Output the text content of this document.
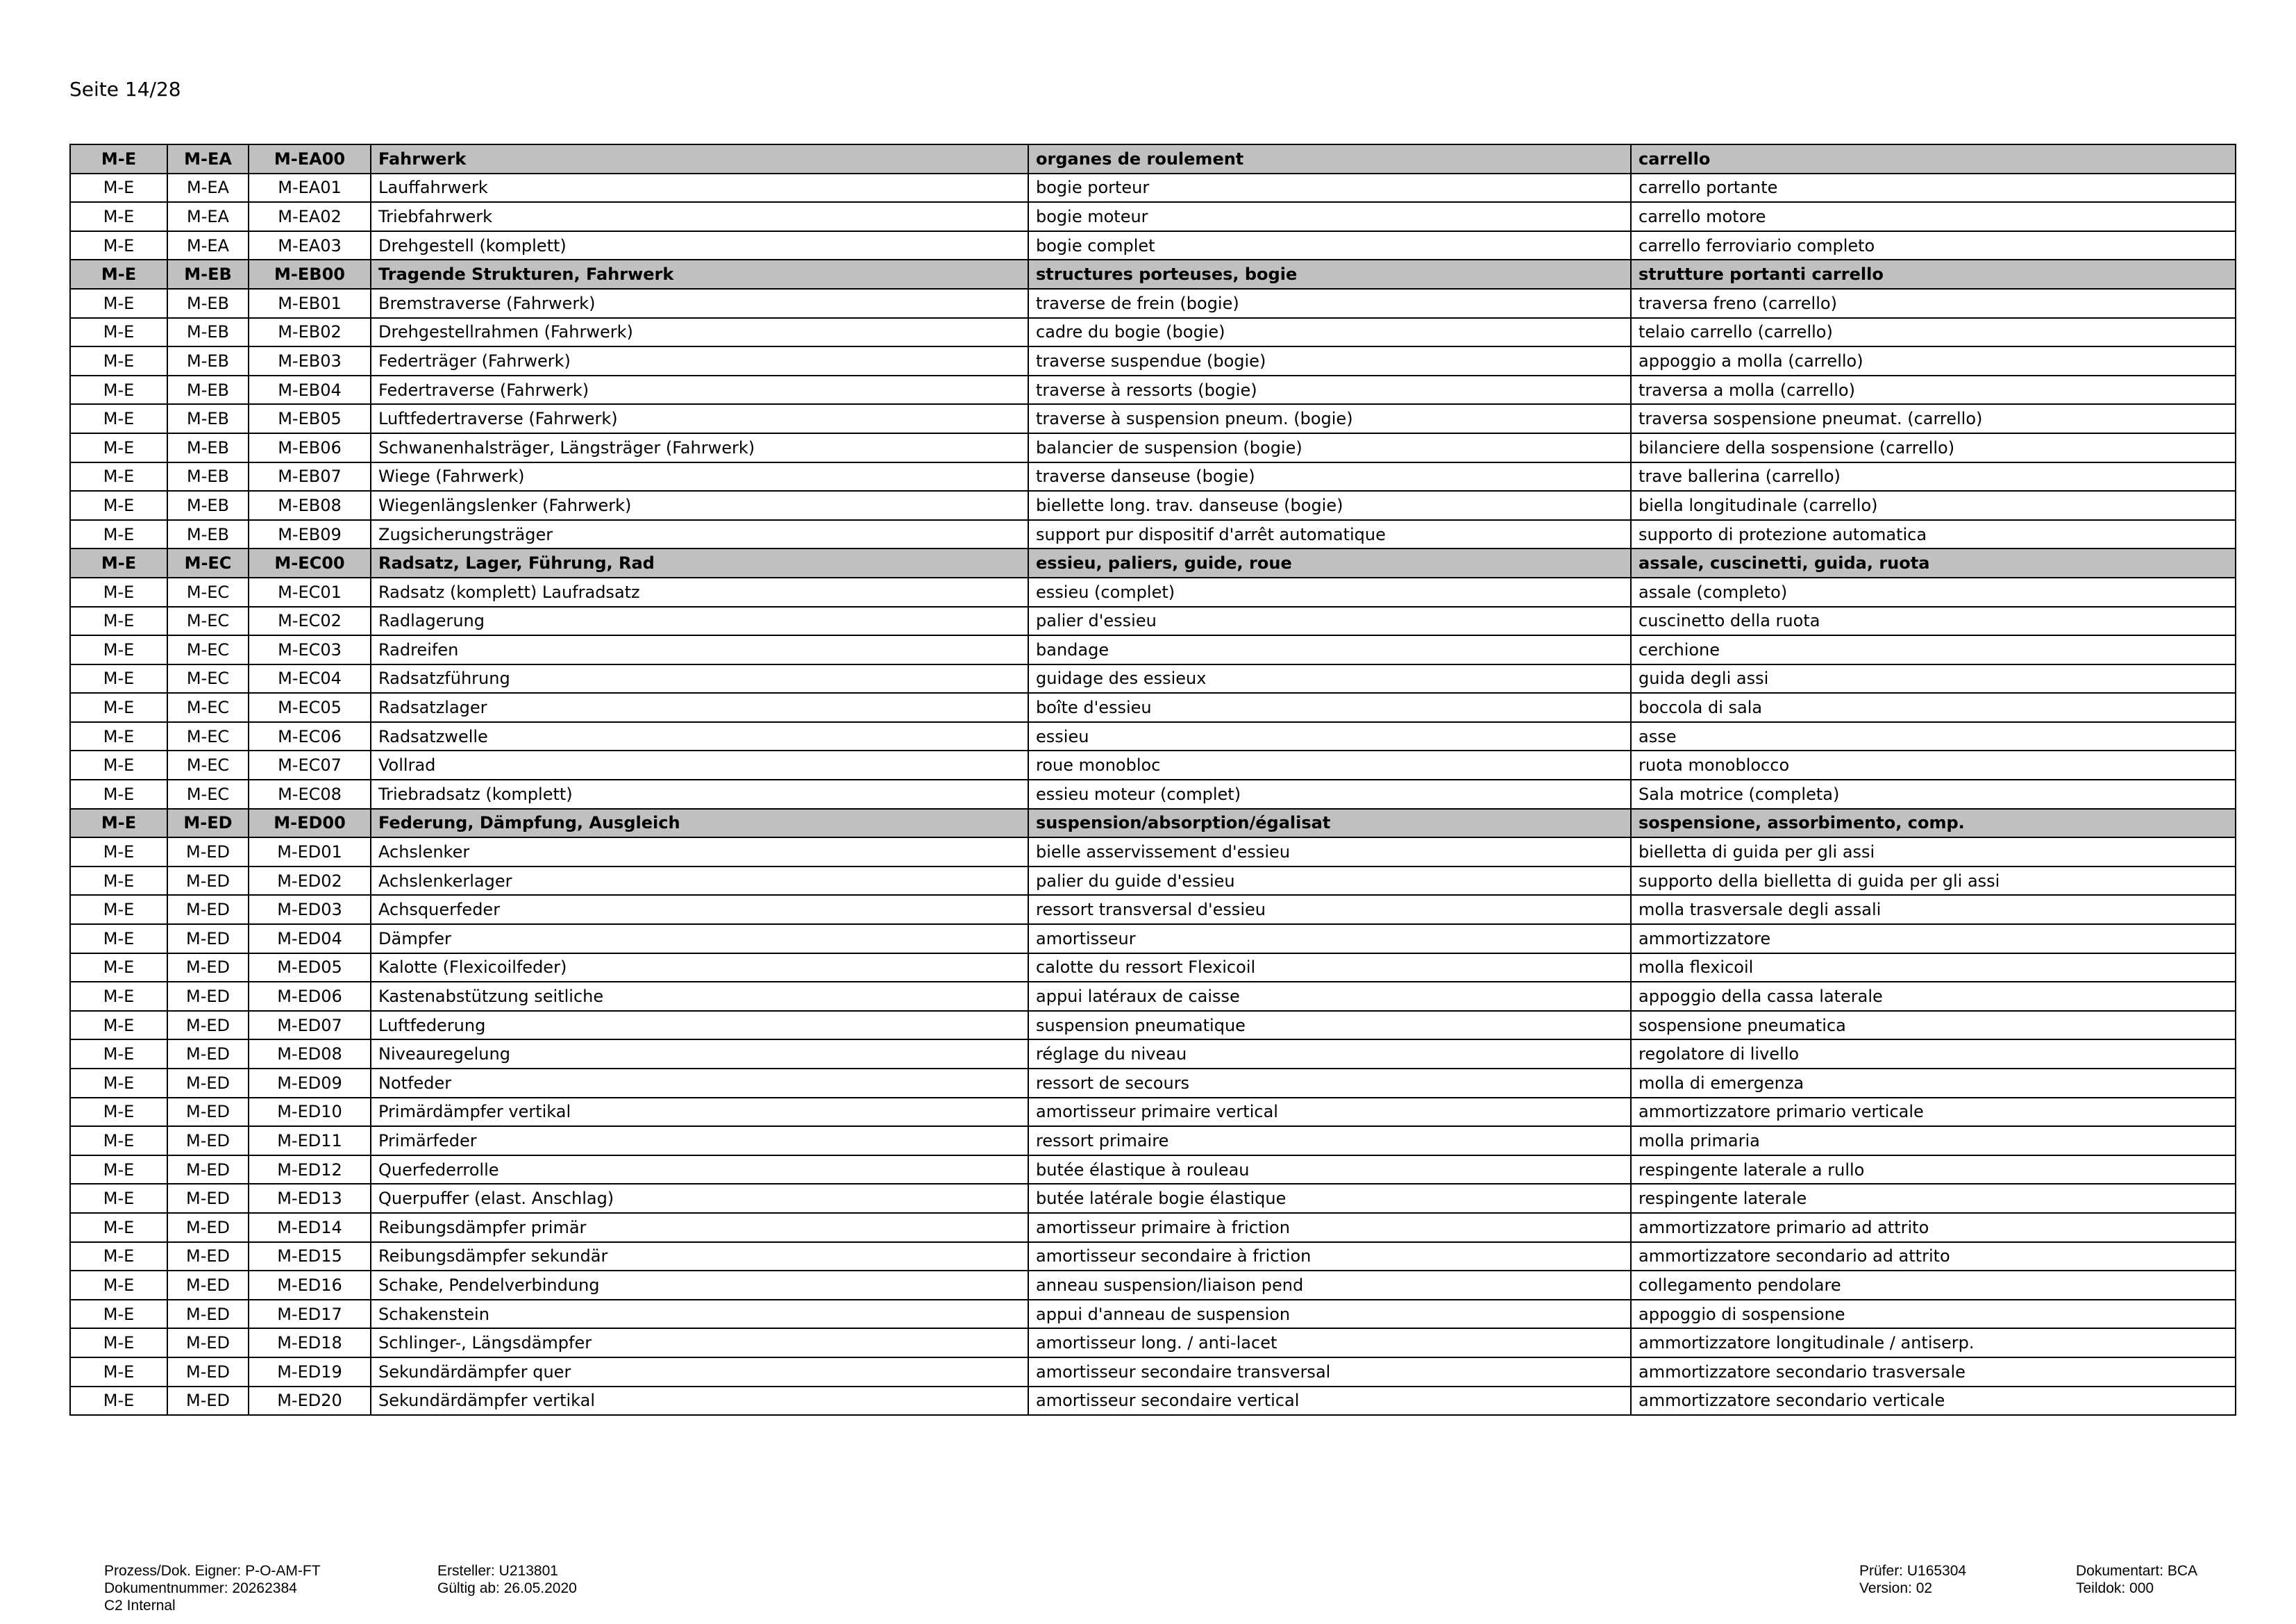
Seite 14/28
M-E	M-EA	M-EA00	Fahrwerk	organes de roulement	carrello
M-E	M-EA	M-EA01	Lauffahrwerk	bogie porteur	carrello portante
M-E	M-EA	M-EA02	Triebfahrwerk	bogie moteur	carrello motore
M-E	M-EA	M-EA03	Drehgestell (komplett)	bogie complet	carrello ferroviario completo
M-E	M-EB	M-EB00	Tragende Strukturen, Fahrwerk	structures porteuses, bogie	strutture portanti carrello
M-E	M-EB	M-EB01	Bremstraverse (Fahrwerk)	traverse de frein (bogie)	traversa freno (carrello)
M-E	M-EB	M-EB02	Drehgestellrahmen (Fahrwerk)	cadre du bogie (bogie)	telaio carrello (carrello)
M-E	M-EB	M-EB03	Federträger (Fahrwerk)	traverse suspendue (bogie)	appoggio a molla (carrello)
M-E	M-EB	M-EB04	Federtraverse (Fahrwerk)	traverse à ressorts (bogie)	traversa a molla (carrello)
M-E	M-EB	M-EB05	Luftfedertraverse (Fahrwerk)	traverse à suspension pneum. (bogie)	traversa sospensione pneumat. (carrello)
M-E	M-EB	M-EB06	Schwanenhalsträger, Längsträger (Fahrwerk)	balancier de suspension (bogie)	bilanciere della sospensione (carrello)
M-E	M-EB	M-EB07	Wiege (Fahrwerk)	traverse danseuse (bogie)	trave ballerina (carrello)
M-E	M-EB	M-EB08	Wiegenlängslenker (Fahrwerk)	biellette long. trav. danseuse (bogie)	biella longitudinale (carrello)
M-E	M-EB	M-EB09	Zugsicherungsträger	support pur dispositif d'arrêt automatique	supporto di protezione automatica
M-E	M-EC	M-EC00	Radsatz, Lager, Führung, Rad	essieu, paliers, guide, roue	assale, cuscinetti, guida, ruota
M-E	M-EC	M-EC01	Radsatz (komplett) Laufradsatz	essieu (complet)	assale (completo)
M-E	M-EC	M-EC02	Radlagerung	palier d'essieu	cuscinetto della ruota
M-E	M-EC	M-EC03	Radreifen	bandage	cerchione
M-E	M-EC	M-EC04	Radsatzführung	guidage des essieux	guida degli assi
M-E	M-EC	M-EC05	Radsatzlager	boîte d'essieu	boccola di sala
M-E	M-EC	M-EC06	Radsatzwelle	essieu	asse
M-E	M-EC	M-EC07	Vollrad	roue monobloc	ruota monoblocco
M-E	M-EC	M-EC08	Triebradsatz (komplett)	essieu moteur (complet)	Sala motrice (completa)
M-E	M-ED	M-ED00	Federung, Dämpfung, Ausgleich	suspension/absorption/égalisat	sospensione, assorbimento, comp.
M-E	M-ED	M-ED01	Achslenker	bielle asservissement d'essieu	bielletta di guida per gli assi
M-E	M-ED	M-ED02	Achslenkerlager	palier du guide d'essieu	supporto della bielletta di guida per gli assi
M-E	M-ED	M-ED03	Achsquerfeder	ressort transversal d'essieu	molla trasversale degli assali
M-E	M-ED	M-ED04	Dämpfer	amortisseur	ammortizzatore
M-E	M-ED	M-ED05	Kalotte (Flexicoilfeder)	calotte du ressort Flexicoil	molla flexicoil
M-E	M-ED	M-ED06	Kastenabstützung seitliche	appui latéraux de caisse	appoggio della cassa laterale
M-E	M-ED	M-ED07	Luftfederung	suspension pneumatique	sospensione pneumatica
M-E	M-ED	M-ED08	Niveauregelung	réglage du niveau	regolatore di livello
M-E	M-ED	M-ED09	Notfeder	ressort de secours	molla di emergenza
M-E	M-ED	M-ED10	Primärdämpfer vertikal	amortisseur primaire vertical	ammortizzatore primario verticale
M-E	M-ED	M-ED11	Primärfeder	ressort primaire	molla primaria
M-E	M-ED	M-ED12	Querfederrolle	butée élastique à rouleau	respingente laterale a rullo
M-E	M-ED	M-ED13	Querpuffer (elast. Anschlag)	butée latérale bogie élastique	respingente laterale
M-E	M-ED	M-ED14	Reibungsdämpfer primär	amortisseur primaire à friction	ammortizzatore primario ad attrito
M-E	M-ED	M-ED15	Reibungsdämpfer sekundär	amortisseur secondaire à friction	ammortizzatore secondario ad attrito
M-E	M-ED	M-ED16	Schake, Pendelverbindung	anneau suspension/liaison pend	collegamento pendolare
M-E	M-ED	M-ED17	Schakenstein	appui d'anneau de suspension	appoggio di sospensione
M-E	M-ED	M-ED18	Schlinger-, Längsdämpfer	amortisseur long. / anti-lacet	ammortizzatore longitudinale / antiserp.
M-E	M-ED	M-ED19	Sekundärdämpfer quer	amortisseur secondaire transversal	ammortizzatore secondario trasversale
M-E	M-ED	M-ED20	Sekundärdämpfer vertikal	amortisseur secondaire vertical	ammortizzatore secondario verticale
Prozess/Dok. Eigner: P-O-AM-FT
Dokumentnummer: 20262384
C2 Internal
Ersteller: U213801
Gültig ab: 26.05.2020
Prüfer: U165304
Version: 02
Dokumentart: BCA
Teildok: 000
